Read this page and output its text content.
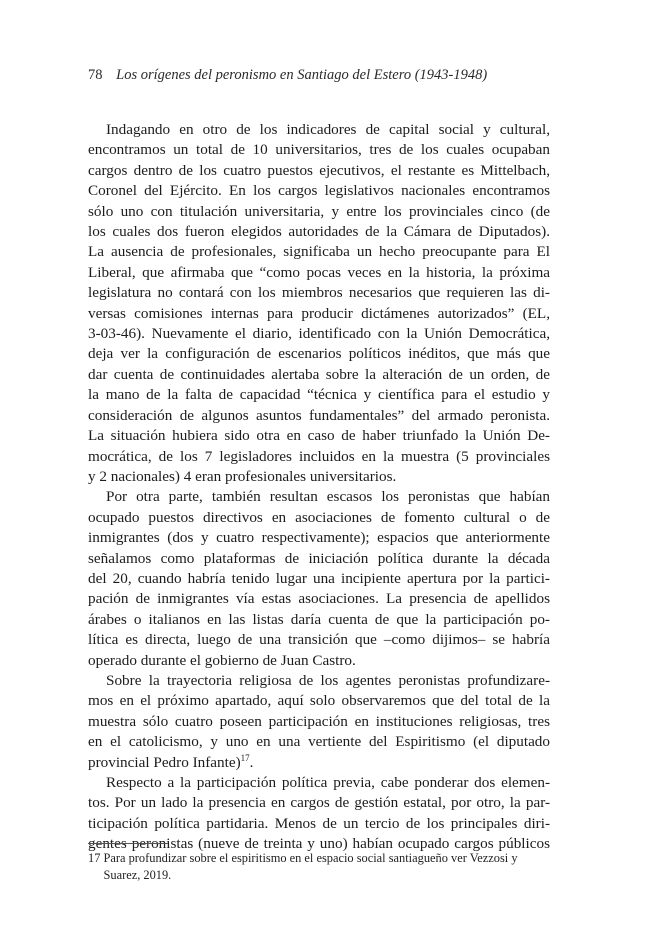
78 Los orígenes del peronismo en Santiago del Estero (1943-1948)

Indagando en otro de los indicadores de capital social y cultural,
encontramos un total de 10 universitarios, tres de los cuales ocupaban
cargos dentro de los cuatro puestos ejecutivos, el restante es Mittelbach,
Coronel del Ejército. En los cargos legislativos nacionales encontramos
sólo uno con titulación universitaria, y entre los provinciales cinco (de
los cuales dos fueron elegidos autoridades de la Cámara de Diputados).
La ausencia de profesionales, significaba un hecho preocupante para El
Liberal, que afirmaba que “como pocas veces en la historia, la próxima
legislatura no contará con los miembros necesarios que requieren las di-
versas comisiones internas para producir dictámenes autorizados” (EL,
3-03-46). Nuevamente el diario, identificado con la Unión Democrática,
deja ver la configuración de escenarios políticos inéditos, que más que
dar cuenta de continuidades alertaba sobre la alteración de un orden, de
la mano de la falta de capacidad “técnica y científica para el estudio y
consideración de algunos asuntos fundamentales” del armado peronista.
La situación hubiera sido otra en caso de haber triunfado la Unión De-
mocrática, de los 7 legisladores incluidos en la muestra (5 provinciales
y 2 nacionales) 4 eran profesionales universitarios.

Por otra parte, también resultan escasos los peronistas que habían
ocupado puestos directivos en asociaciones de fomento cultural o de
inmigrantes (dos y cuatro respectivamente); espacios que anteriormente
señalamos como plataformas de iniciación política durante la década
del 20, cuando habría tenido lugar una incipiente apertura por la partici-
pación de inmigrantes vía estas asociaciones. La presencia de apellidos
árabes o italianos en las listas daría cuenta de que la participación po-
lítica es directa, luego de una transición que –como dijimos– se habría
operado durante el gobierno de Juan Castro.

Sobre la trayectoria religiosa de los agentes peronistas profundizare-
mos en el próximo apartado, aquí solo observaremos que del total de la
muestra sólo cuatro poseen participación en instituciones religiosas, tres
en el catolicismo, y uno en una vertiente del Espiritismo (el diputado
provincial Pedro Infante)$^{17}$.

Respecto a la participación política previa, cabe ponderar dos elemen-
tos. Por un lado la presencia en cargos de gestión estatal, por otro, la par-
ticipación política partidaria. Menos de un tercio de los principales diri-
gentes peronistas (nueve de treinta y uno) habían ocupado cargos públicos

17 Para profundizar sobre el espiritismo en el espacio social santiagueño ver Vezzosi y
Suarez, 2019.
